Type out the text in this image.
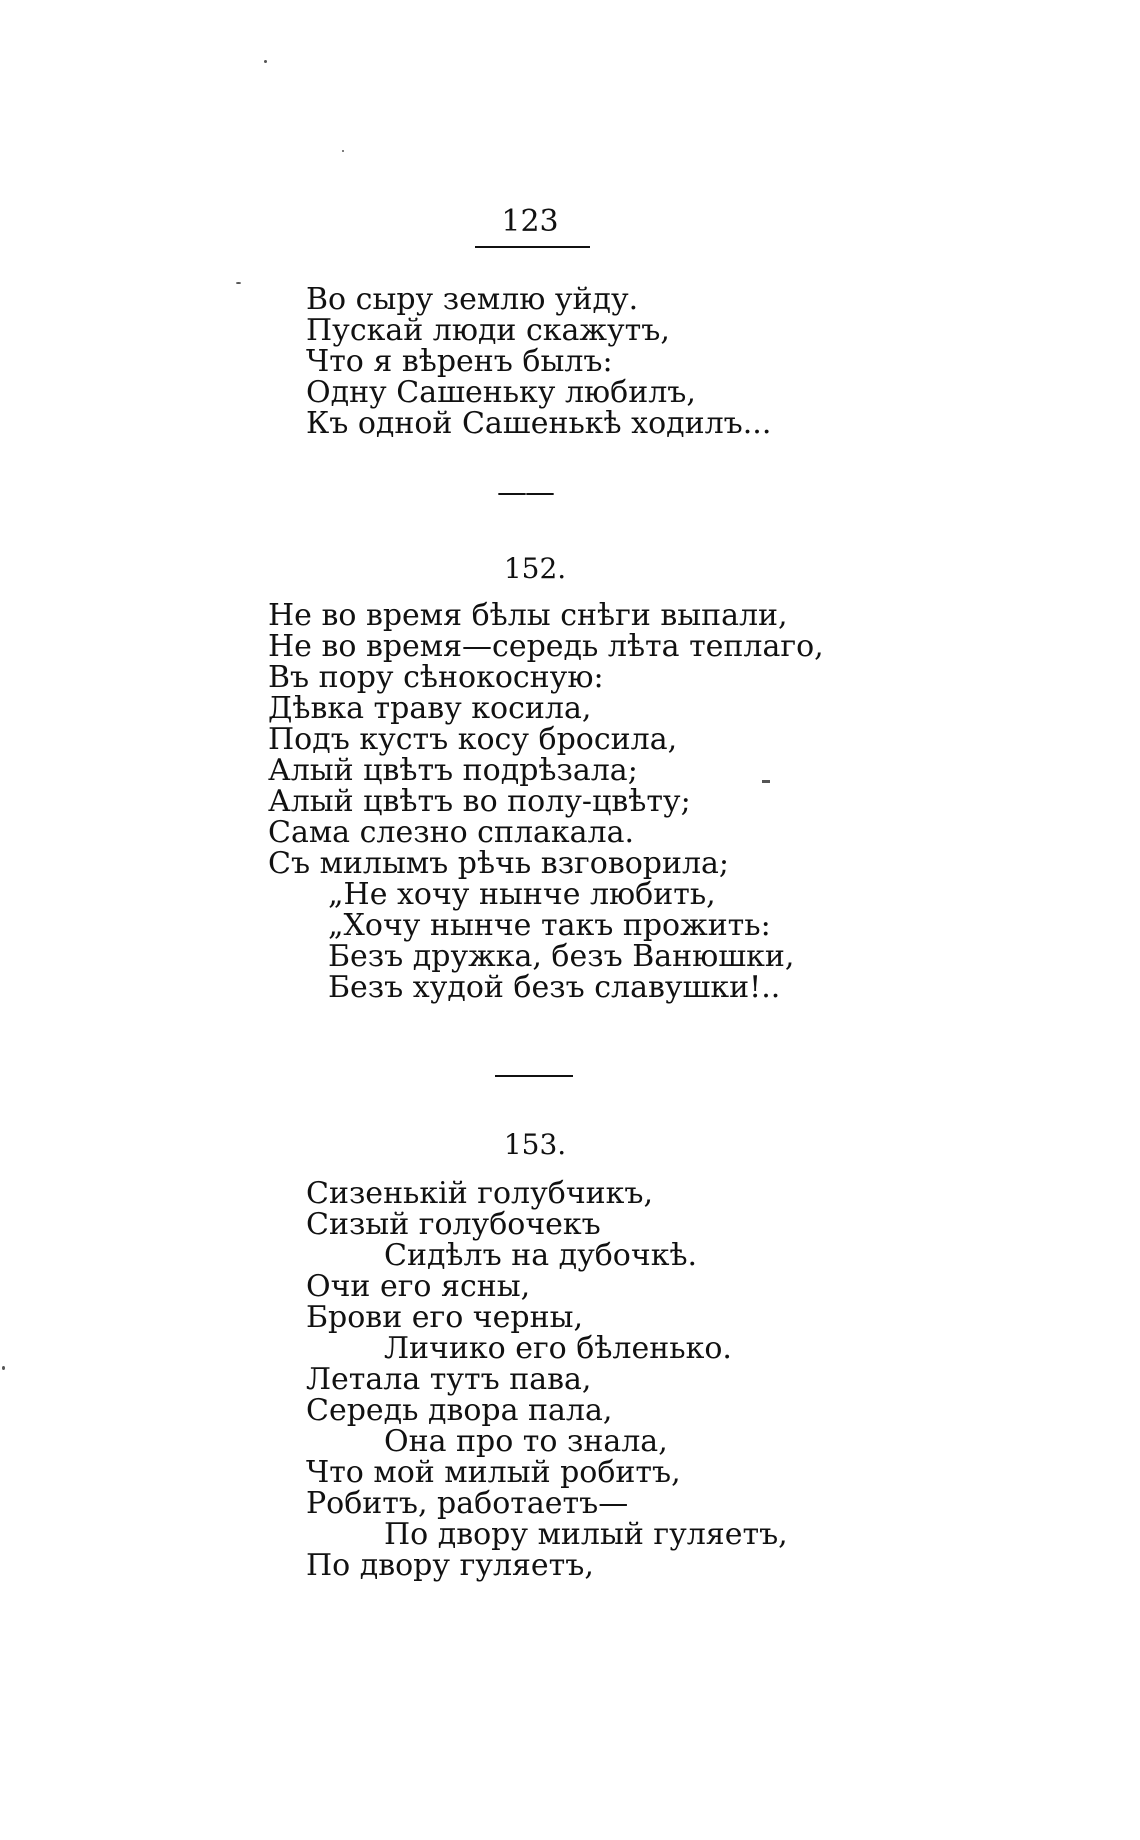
123
Во сыру землю уйду.
Пускай люди скажутъ,
Что я вѣренъ былъ:
Одну Сашеньку любилъ,
Къ одной Сашенькѣ ходилъ...
——
152.
Не во время бѣлы снѣги выпали,
Не во время—середь лѣта теплаго,
Въ пору сѣнокосную:
Дѣвка траву косила,
Подъ кустъ косу бросила,
Алый цвѣтъ подрѣзала;
Алый цвѣтъ во полу-цвѣту;
Сама слезно сплакала.
Съ милымъ рѣчь взговорила;
„Не хочу нынче любить,
„Хочу нынче такъ прожить:
Безъ дружка, безъ Ванюшки,
Безъ худой безъ славушки!..
153.
Сизенькій голубчикъ,
Сизый голубочекъ
Сидѣлъ на дубочкѣ.
Очи его ясны,
Брови его черны,
Личико его бѣленько.
Летала тутъ пава,
Середь двора пала,
Она про то знала,
Что мой милый робитъ,
Робитъ, работаетъ—
По двору милый гуляетъ,
По двору гуляетъ,
